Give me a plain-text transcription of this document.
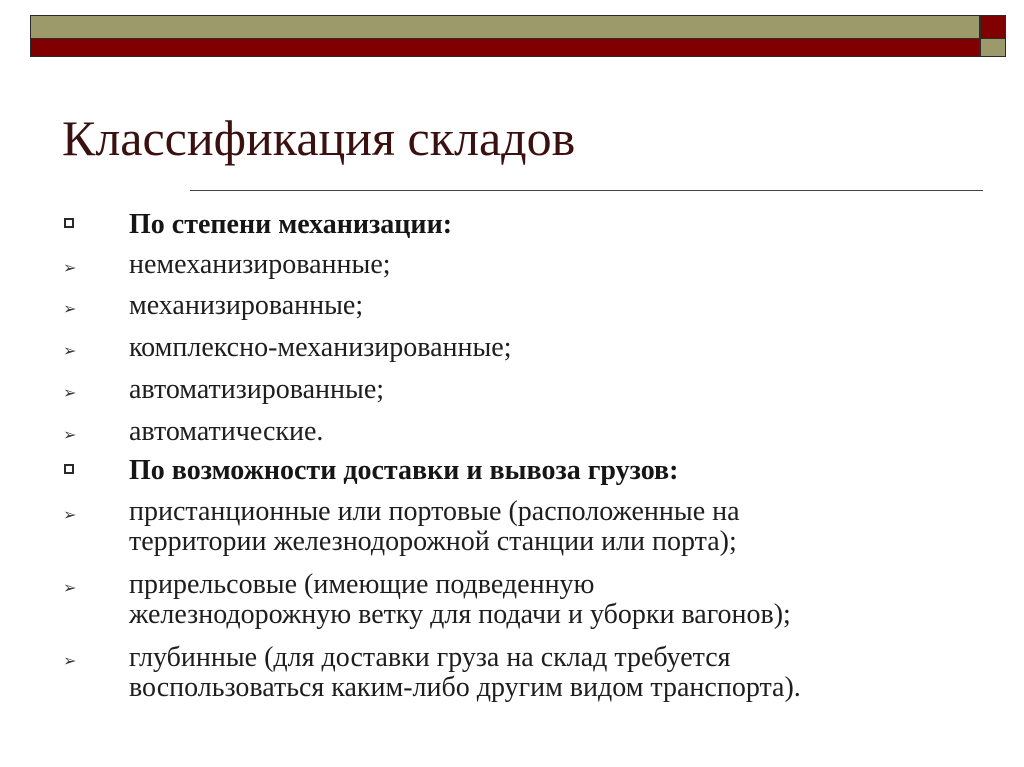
Классификация складов
По степени механизации:
➢ немеханизированные;
➢ механизированные;
➢ комплексно-механизированные;
➢ автоматизированные;
➢ автоматические.
По возможности доставки и вывоза грузов:
➢ пристанционные или портовые (расположенные на
территории железнодорожной станции или порта);
➢ прирельсовые (имеющие подведенную
железнодорожную ветку для подачи и уборки вагонов);
➢ глубинные (для доставки груза на склад требуется
воспользоваться каким-либо другим видом транспорта).
